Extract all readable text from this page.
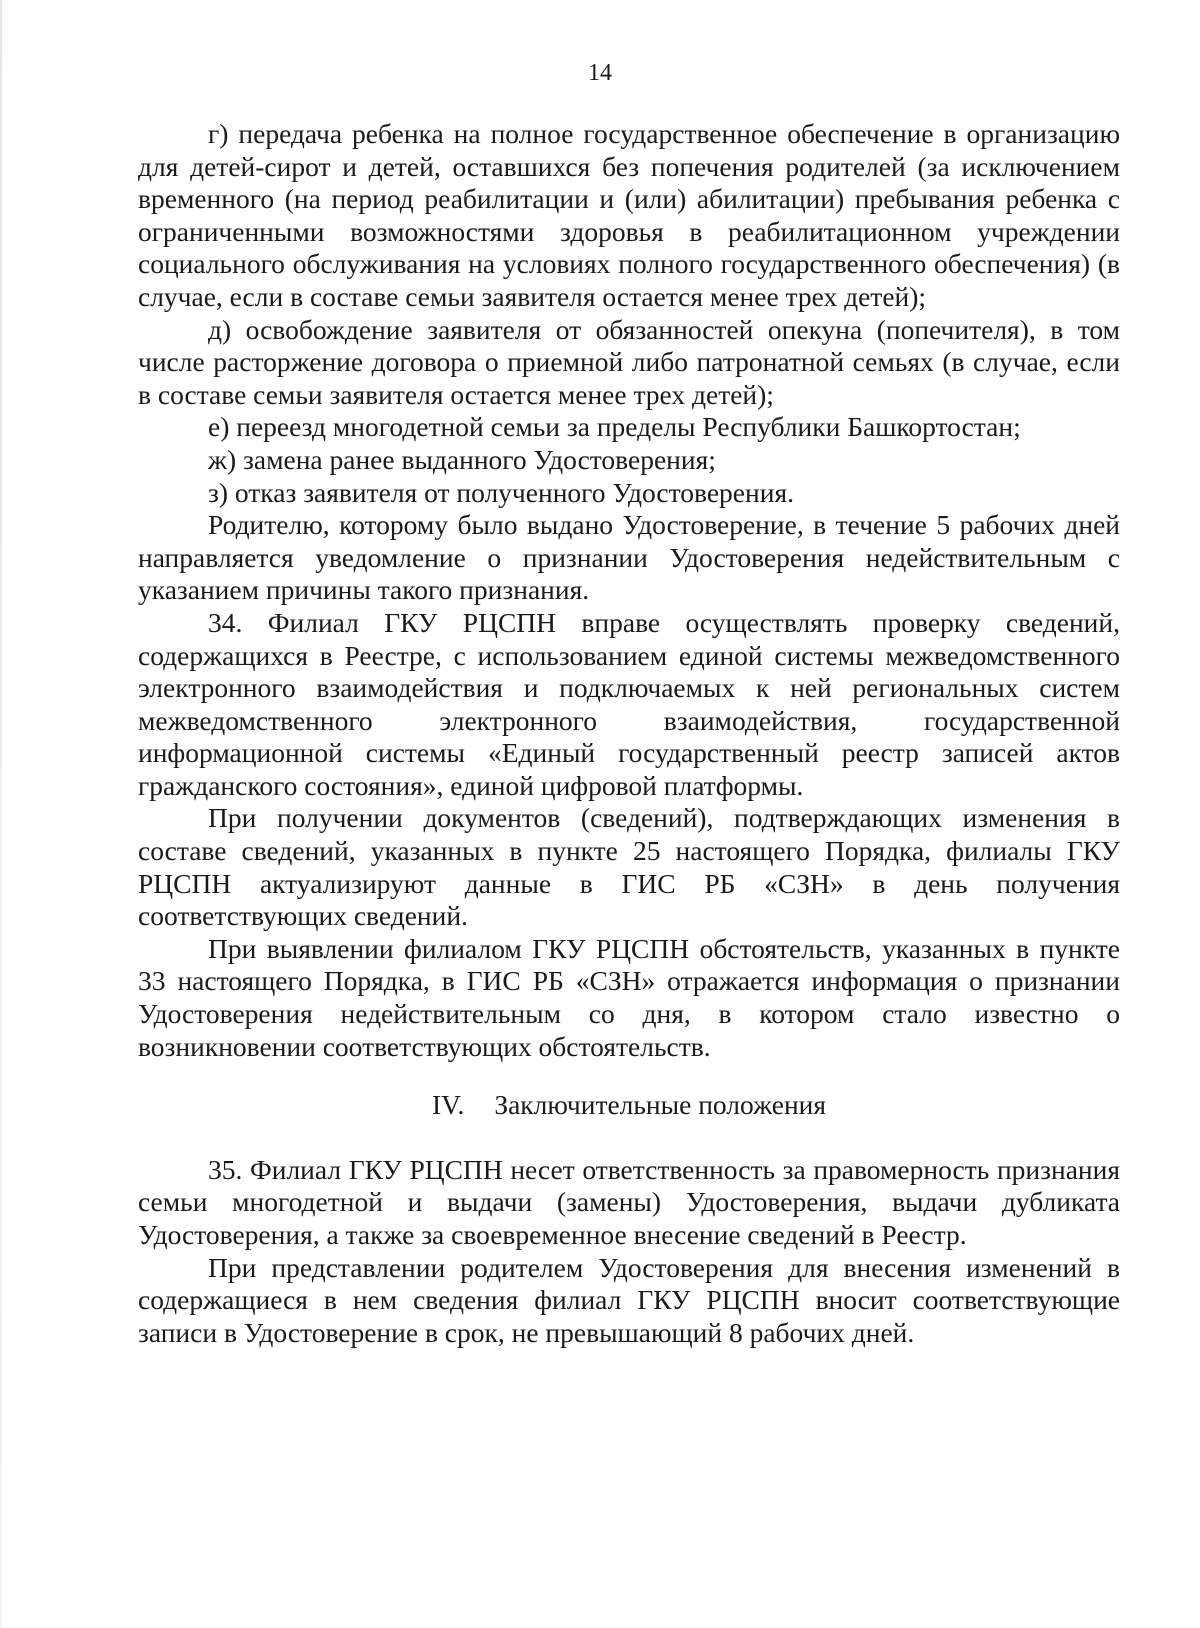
14

г) передача ребенка на полное государственное обеспечение в организацию для детей-сирот и детей, оставшихся без попечения родителей (за исключением временного (на период реабилитации и (или) абилитации) пребывания ребенка с ограниченными возможностями здоровья в реабилитационном учреждении социального обслуживания на условиях полного государственного обеспечения) (в случае, если в составе семьи заявителя остается менее трех детей);

д) освобождение заявителя от обязанностей опекуна (попечителя), в том числе расторжение договора о приемной либо патронатной семьях (в случае, если в составе семьи заявителя остается менее трех детей);

е) переезд многодетной семьи за пределы Республики Башкортостан;

ж) замена ранее выданного Удостоверения;

з) отказ заявителя от полученного Удостоверения.

Родителю, которому было выдано Удостоверение, в течение 5 рабочих дней направляется уведомление о признании Удостоверения недействительным с указанием причины такого признания.

34. Филиал ГКУ РЦСПН вправе осуществлять проверку сведений, содержащихся в Реестре, с использованием единой системы межведомственного электронного взаимодействия и подключаемых к ней региональных систем межведомственного электронного взаимодействия, государственной информационной системы «Единый государственный реестр записей актов гражданского состояния», единой цифровой платформы.

При получении документов (сведений), подтверждающих изменения в составе сведений, указанных в пункте 25 настоящего Порядка, филиалы ГКУ РЦСПН актуализируют данные в ГИС РБ «СЗН» в день получения соответствующих сведений.

При выявлении филиалом ГКУ РЦСПН обстоятельств, указанных в пункте 33 настоящего Порядка, в ГИС РБ «СЗН» отражается информация о признании Удостоверения недействительным со дня, в котором стало известно о возникновении соответствующих обстоятельств.

IV. Заключительные положения

35. Филиал ГКУ РЦСПН несет ответственность за правомерность признания семьи многодетной и выдачи (замены) Удостоверения, выдачи дубликата Удостоверения, а также за своевременное внесение сведений в Реестр.

При представлении родителем Удостоверения для внесения изменений в содержащиеся в нем сведения филиал ГКУ РЦСПН вносит соответствующие записи в Удостоверение в срок, не превышающий 8 рабочих дней.
